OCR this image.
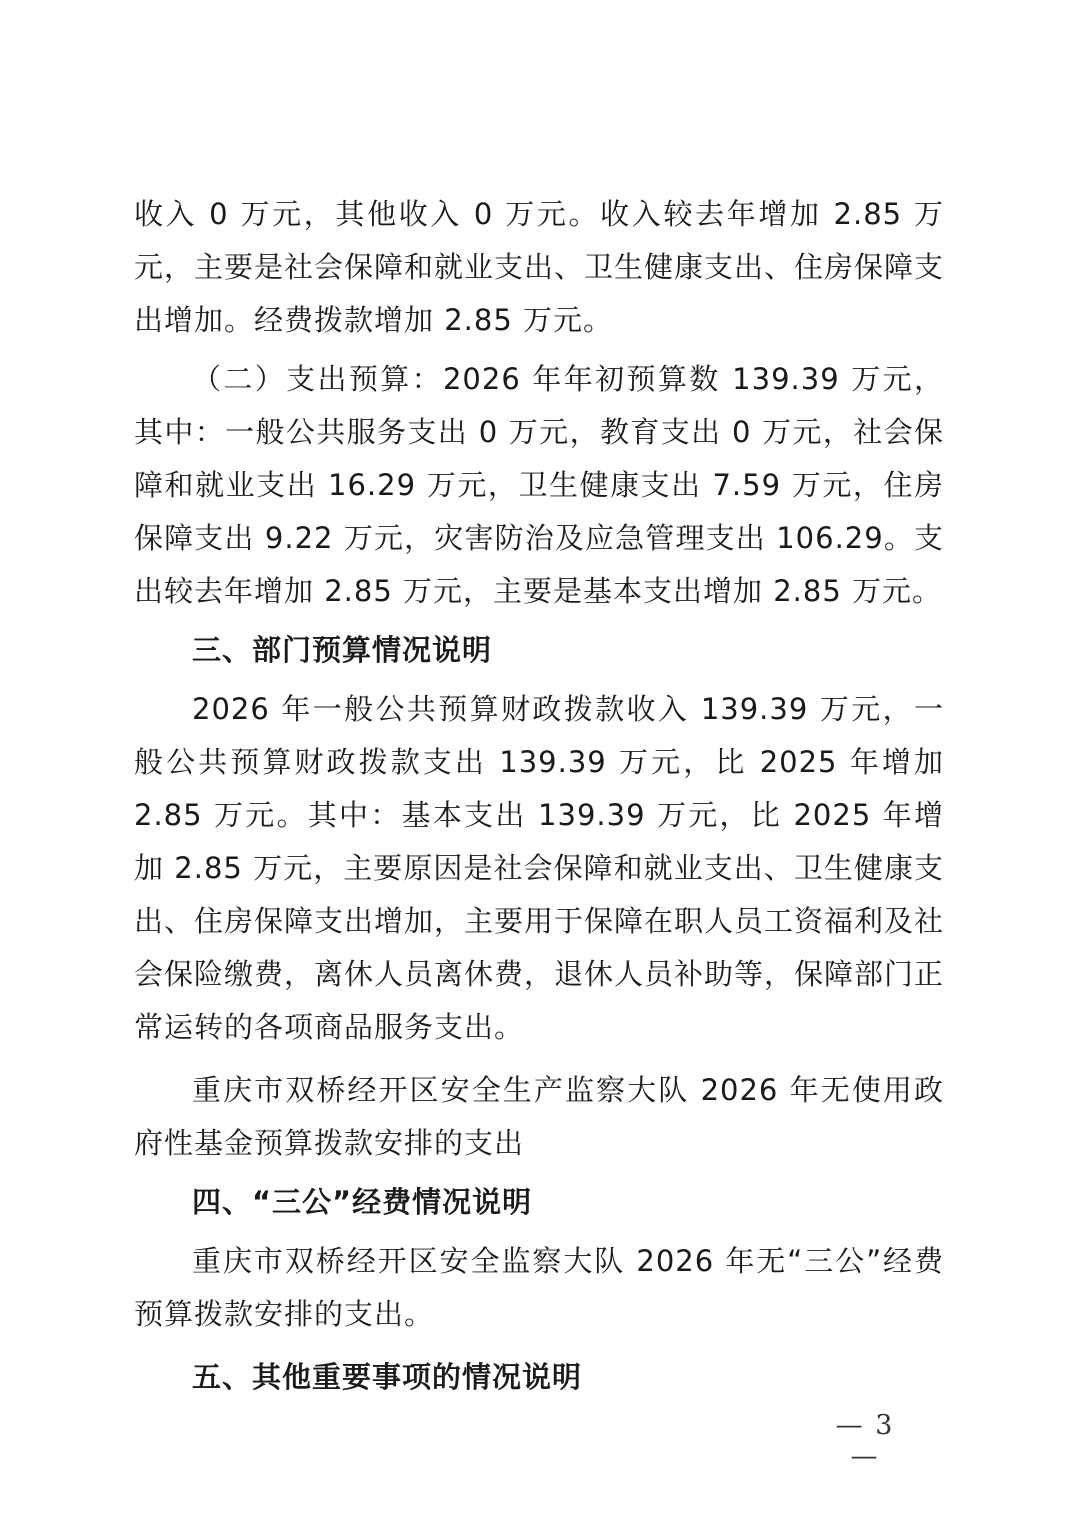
收入 0 万元，其他收入 0 万元。收入较去年增加 2.85 万元，主要是社会保障和就业支出、卫生健康支出、住房保障支出增加。经费拨款增加 2.85 万元。

（二）支出预算：2026 年年初预算数 139.39 万元，其中：一般公共服务支出 0 万元，教育支出 0 万元，社会保障和就业支出 16.29 万元，卫生健康支出 7.59 万元，住房保障支出 9.22 万元，灾害防治及应急管理支出 106.29。支出较去年增加 2.85 万元，主要是基本支出增加 2.85 万元。

三、部门预算情况说明

2026 年一般公共预算财政拨款收入 139.39 万元，一般公共预算财政拨款支出 139.39 万元，比 2025 年增加 2.85 万元。其中：基本支出 139.39 万元，比 2025 年增加 2.85 万元，主要原因是社会保障和就业支出、卫生健康支出、住房保障支出增加，主要用于保障在职人员工资福利及社会保险缴费，离休人员离休费，退休人员补助等，保障部门正常运转的各项商品服务支出。

重庆市双桥经开区安全生产监察大队 2026 年无使用政府性基金预算拨款安排的支出

四、“三公”经费情况说明

重庆市双桥经开区安全监察大队 2026 年无“三公”经费预算拨款安排的支出。

五、其他重要事项的情况说明

— 3 —
